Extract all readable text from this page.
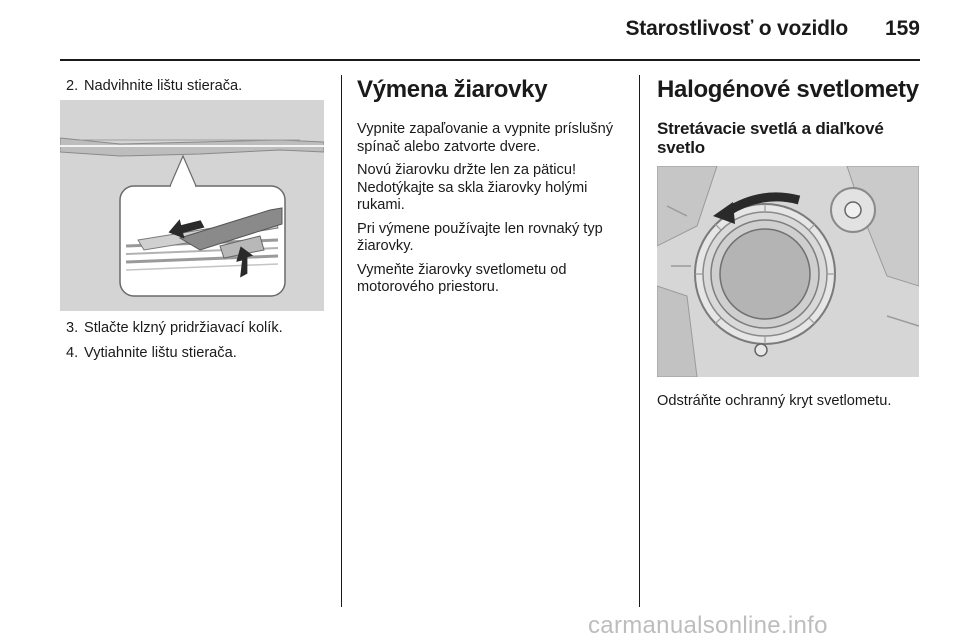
Starostlivosť o vozidlo	159
2. Nadvihnite lištu stierača.
3. Stlačte klzný pridržiavací kolík.
4. Vytiahnite lištu stierača.
Výmena žiarovky

Vypnite zapaľovanie a vypnite príslušný spínač alebo zatvorte dvere.

Novú žiarovku držte len za päticu! Nedotýkajte sa skla žiarovky holými rukami.

Pri výmene používajte len rovnaký typ žiarovky.

Vymeňte žiarovky svetlometu od motorového priestoru.

Halogénové svetlomety
Stretávacie svetlá a diaľkové svetlo
Odstráňte ochranný kryt svetlometu.
carmanualsonline.info
